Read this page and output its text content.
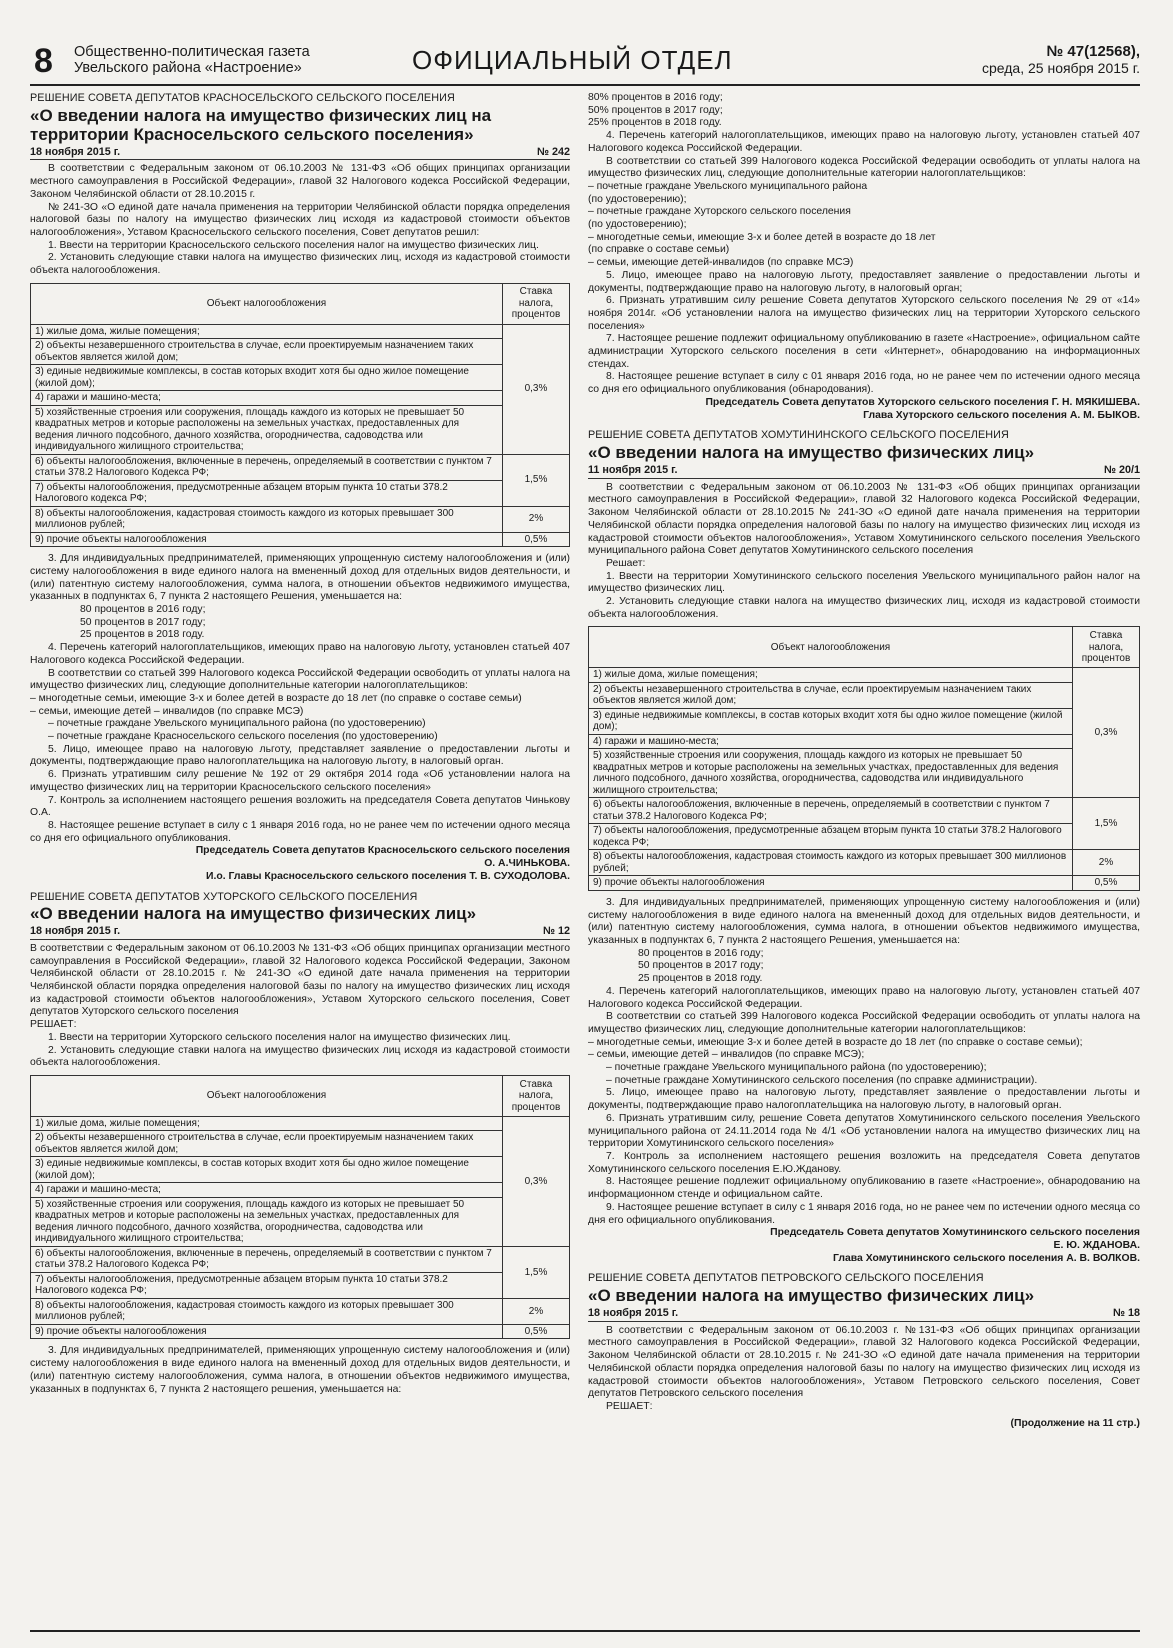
8 Общественно-политическая газета
Увельского района «Настроение»	ОФИЦИАЛЬНЫЙ ОТДЕЛ	№ 47(12568),
среда, 25 ноября 2015 г.
РЕШЕНИЕ СОВЕТА ДЕПУТАТОВ КРАСНОСЕЛЬСКОГО СЕЛЬСКОГО ПОСЕЛЕНИЯ
«О введении налога на имущество физических лиц на территории Красносельского сельского поселения»
18 ноября 2015 г.	№ 242

В соответствии с Федеральным законом от 06.10.2003 № 131-ФЗ «Об общих принципах организации местного самоуправления в Российской Федерации», главой 32 Налогового кодекса Российской Федерации, Законом Челябинской области от 28.10.2015 г.

№ 241-ЗО «О единой дате начала применения на территории Челябинской области порядка определения налоговой базы по налогу на имущество физических лиц исходя из кадастровой стоимости объектов налогообложения», Уставом Красносельского сельского поселения, Совет депутатов решил:

1. Ввести на территории Красносельского сельского поселения налог на имущество физических лиц.

2. Установить следующие ставки налога на имущество физических лиц, исходя из кадастровой стоимости объекта налогообложения.

Объект налогообложения	Ставка налога, процентов
1) жилые дома, жилые помещения;	0,3%
2) объекты незавершенного строительства в случае, если проектируемым назначением таких объектов является жилой дом;	
3) единые недвижимые комплексы, в состав которых входит хотя бы одно жилое помещение (жилой дом);	
4) гаражи и машино-места;	
5) хозяйственные строения или сооружения, площадь каждого из которых не превышает 50 квадратных метров и которые расположены на земельных участках, предоставленных для ведения личного подсобного, дачного хозяйства, огородничества, садоводства или индивидуального жилищного строительства;	
6) объекты налогообложения, включенные в перечень, определяемый в соответствии с пунктом 7 статьи 378.2 Налогового Кодекса РФ;	1,5%
7) объекты налогообложения, предусмотренные абзацем вторым пункта 10 статьи 378.2 Налогового кодекса РФ;	
8) объекты налогообложения, кадастровая стоимость каждого из которых превышает 300 миллионов рублей;	2%
9) прочие объекты налогообложения	0,5%

3. Для индивидуальных предпринимателей, применяющих упрощенную систему налогообложения и (или) систему налогообложения в виде единого налога на вмененный доход для отдельных видов деятельности, и (или) патентную систему налогообложения, сумма налога, в отношении объектов недвижимого имущества, указанных в подпунктах 6, 7 пункта 2 настоящего Решения, уменьшается на:

80 процентов в 2016 году;

50 процентов в 2017 году;

25 процентов в 2018 году.

4. Перечень категорий налогоплательщиков, имеющих право на налоговую льготу, установлен статьей 407 Налогового кодекса Российской Федерации.

В соответствии со статьей 399 Налогового кодекса Российской Федерации освободить от уплаты налога на имущество физических лиц, следующие дополнительные категории налогоплательщиков:

– многодетные семьи, имеющие 3-х и более детей в возрасте до 18 лет (по справке о составе семьи)

– семьи, имеющие детей – инвалидов (по справке МСЭ)

– почетные граждане Увельского муниципального района (по удостоверению)

– почетные граждане Красносельского сельского поселения (по удостоверению)

5. Лицо, имеющее право на налоговую льготу, представляет заявление о предоставлении льготы и документы, подтверждающие право налогоплательщика на налоговую льготу, в налоговый орган.

6. Признать утратившим силу решение № 192 от 29 октября 2014 года «Об установлении налога на имущество физических лиц на территории Красносельского сельского поселения»

7. Контроль за исполнением настоящего решения возложить на председателя Совета депутатов Чинькову О.А.

8. Настоящее решение вступает в силу с 1 января 2016 года, но не ранее чем по истечении одного месяца со дня его официального опубликования.

Председатель Совета депутатов Красносельского сельского поселения
О. А.ЧИНЬКОВА.
И.о. Главы Красносельского сельского поселения Т. В. СУХОДОЛОВА.
РЕШЕНИЕ СОВЕТА ДЕПУТАТОВ ХУТОРСКОГО СЕЛЬСКОГО ПОСЕЛЕНИЯ
«О введении налога на имущество физических лиц»
18 ноября 2015 г.	№ 12

В соответствии с Федеральным законом от 06.10.2003 № 131-ФЗ «Об общих принципах организации местного самоуправления в Российской Федерации», главой 32 Налогового кодекса Российской Федерации, Законом Челябинской области от 28.10.2015 г. № 241-ЗО «О единой дате начала применения на территории Челябинской области порядка определения налоговой базы по налогу на имущество физических лиц исходя из кадастровой стоимости объектов налогообложения», Уставом Хуторского сельского поселения, Совет депутатов Хуторского сельского поселения

РЕШАЕТ:

1. Ввести на территории Хуторского сельского поселения налог на имущество физических лиц.

2. Установить следующие ставки налога на имущество физических лиц исходя из кадастровой стоимости объекта налогообложения.

Объект налогообложения	Ставка налога, процентов
1) жилые дома, жилые помещения;	0,3%
2) объекты незавершенного строительства в случае, если проектируемым назначением таких объектов является жилой дом;	
3) единые недвижимые комплексы, в состав которых входит хотя бы одно жилое помещение (жилой дом);	
4) гаражи и машино-места;	
5) хозяйственные строения или сооружения, площадь каждого из которых не превышает 50 квадратных метров и которые расположены на земельных участках, предоставленных для ведения личного подсобного, дачного хозяйства, огородничества, садоводства или индивидуального жилищного строительства;	
6) объекты налогообложения, включенные в перечень, определяемый в соответствии с пунктом 7 статьи 378.2 Налогового Кодекса РФ;	1,5%
7) объекты налогообложения, предусмотренные абзацем вторым пункта 10 статьи 378.2 Налогового кодекса РФ;	
8) объекты налогообложения, кадастровая стоимость каждого из которых превышает 300 миллионов рублей;	2%
9) прочие объекты налогообложения	0,5%

3. Для индивидуальных предпринимателей, применяющих упрощенную систему налогообложения и (или) систему налогообложения в виде единого налога на вмененный доход для отдельных видов деятельности, и (или) патентную систему налогообложения, сумма налога, в отношении объектов недвижимого имущества, указанных в подпунктах 6, 7 пункта 2 настоящего решения, уменьшается на:

80% процентов в 2016 году;

50% процентов в 2017 году;

25% процентов в 2018 году.

4. Перечень категорий налогоплательщиков, имеющих право на налоговую льготу, установлен статьей 407 Налогового кодекса Российской Федерации.

В соответствии со статьей 399 Налогового кодекса Российской Федерации освободить от уплаты налога на имущество физических лиц, следующие дополнительные категории налогоплательщиков:

– почетные граждане Увельского муниципального района

(по удостоверению);

– почетные граждане Хуторского сельского поселения

(по удостоверению);

– многодетные семьи, имеющие 3-х и более детей в возрасте до 18 лет

(по справке о составе семьи)

– семьи, имеющие детей-инвалидов (по справке МСЭ)

5. Лицо, имеющее право на налоговую льготу, предоставляет заявление о предоставлении льготы и документы, подтверждающие право на налоговую льготу, в налоговый орган;

6. Признать утратившим силу решение Совета депутатов Хуторского сельского поселения № 29 от «14» ноября 2014г. «Об установлении налога на имущество физических лиц на территории Хуторского сельского поселения»

7. Настоящее решение подлежит официальному опубликованию в газете «Настроение», официальном сайте администрации Хуторского сельского поселения в сети «Интернет», обнародованию на информационных стендах.

8. Настоящее решение вступает в силу с 01 января 2016 года, но не ранее чем по истечении одного месяца со дня его официального опубликования (обнародования).

Председатель Совета депутатов Хуторского сельского поселения Г. Н. МЯКИШЕВА.
Глава Хуторского сельского поселения А. М. БЫКОВ.
РЕШЕНИЕ СОВЕТА ДЕПУТАТОВ ХОМУТИНИНСКОГО СЕЛЬСКОГО ПОСЕЛЕНИЯ
«О введении налога на имущество физических лиц»
11 ноября 2015 г.	№ 20/1

В соответствии с Федеральным законом от 06.10.2003 № 131-ФЗ «Об общих принципах организации местного самоуправления в Российской Федерации», главой 32 Налогового кодекса Российской Федерации, Законом Челябинской области от 28.10.2015 № 241-ЗО «О единой дате начала применения на территории Челябинской области порядка определения налоговой базы по налогу на имущество физических лиц исходя из кадастровой стоимости объектов налогообложения», Уставом Хомутининского сельского поселения Увельского муниципального района Совет депутатов Хомутининского сельского поселения

Решает:

1. Ввести на территории Хомутининского сельского поселения Увельского муниципального район налог на имущество физических лиц.

2. Установить следующие ставки налога на имущество физических лиц, исходя из кадастровой стоимости объекта налогообложения.

Объект налогообложения	Ставка налога, процентов
1) жилые дома, жилые помещения;	0,3%
2) объекты незавершенного строительства в случае, если проектируемым назначением таких объектов является жилой дом;	
3) единые недвижимые комплексы, в состав которых входит хотя бы одно жилое помещение (жилой дом);	
4) гаражи и машино-места;	
5) хозяйственные строения или сооружения, площадь каждого из которых не превышает 50 квадратных метров и которые расположены на земельных участках, предоставленных для ведения личного подсобного, дачного хозяйства, огородничества, садоводства или индивидуального жилищного строительства;	
6) объекты налогообложения, включенные в перечень, определяемый в соответствии с пунктом 7 статьи 378.2 Налогового Кодекса РФ;	1,5%
7) объекты налогообложения, предусмотренные абзацем вторым пункта 10 статьи 378.2 Налогового кодекса РФ;	
8) объекты налогообложения, кадастровая стоимость каждого из которых превышает 300 миллионов рублей;	2%
9) прочие объекты налогообложения	0,5%

3. Для индивидуальных предпринимателей, применяющих упрощенную систему налогообложения и (или) систему налогообложения в виде единого налога на вмененный доход для отдельных видов деятельности, и (или) патентную систему налогообложения, сумма налога, в отношении объектов недвижимого имущества, указанных в подпунктах 6, 7 пункта 2 настоящего Решения, уменьшается на:

80 процентов в 2016 году;

50 процентов в 2017 году;

25 процентов в 2018 году.

4. Перечень категорий налогоплательщиков, имеющих право на налоговую льготу, установлен статьей 407 Налогового кодекса Российской Федерации.

В соответствии со статьей 399 Налогового кодекса Российской Федерации освободить от уплаты налога на имущество физических лиц, следующие дополнительные категории налогоплательщиков:

– многодетные семьи, имеющие 3-х и более детей в возрасте до 18 лет (по справке о составе семьи);

– семьи, имеющие детей – инвалидов (по справке МСЭ);

– почетные граждане Увельского муниципального района (по удостоверению);

– почетные граждане Хомутининского сельского поселения (по справке администрации).

5. Лицо, имеющее право на налоговую льготу, представляет заявление о предоставлении льготы и документы, подтверждающие право налогоплательщика на налоговую льготу, в налоговый орган.

6. Признать утратившим силу, решение Совета депутатов Хомутининского сельского поселения Увельского муниципального района от 24.11.2014 года № 4/1 «Об установлении налога на имущество физических лиц на территории Хомутининского сельского поселения»

7. Контроль за исполнением настоящего решения возложить на председателя Совета депутатов Хомутининского сельского поселения Е.Ю.Жданову.

8. Настоящее решение подлежит официальному опубликованию в газете «Настроение», обнародованию на информационном стенде и официальном сайте.

9. Настоящее решение вступает в силу с 1 января 2016 года, но не ранее чем по истечении одного месяца со дня его официального опубликования.

Председатель Совета депутатов Хомутининского сельского поселения
Е. Ю. ЖДАНОВА.
Глава Хомутининского сельского поселения А. В. ВОЛКОВ.
РЕШЕНИЕ СОВЕТА ДЕПУТАТОВ ПЕТРОВСКОГО СЕЛЬСКОГО ПОСЕЛЕНИЯ
«О введении налога на имущество физических лиц»
18 ноября 2015 г.	№ 18

В соответствии с Федеральным законом от 06.10.2003 г. №131-ФЗ «Об общих принципах организации местного самоуправления в Российской Федерации», главой 32 Налогового кодекса Российской Федерации, Законом Челябинской области от 28.10.2015 г. № 241-ЗО «О единой дате начала применения на территории Челябинской области порядка определения налоговой базы по налогу на имущество физических лиц исходя из кадастровой стоимости объектов налогообложения», Уставом Петровского сельского поселения, Совет депутатов Петровского сельского поселения

РЕШАЕТ:

(Продолжение на 11 стр.)
